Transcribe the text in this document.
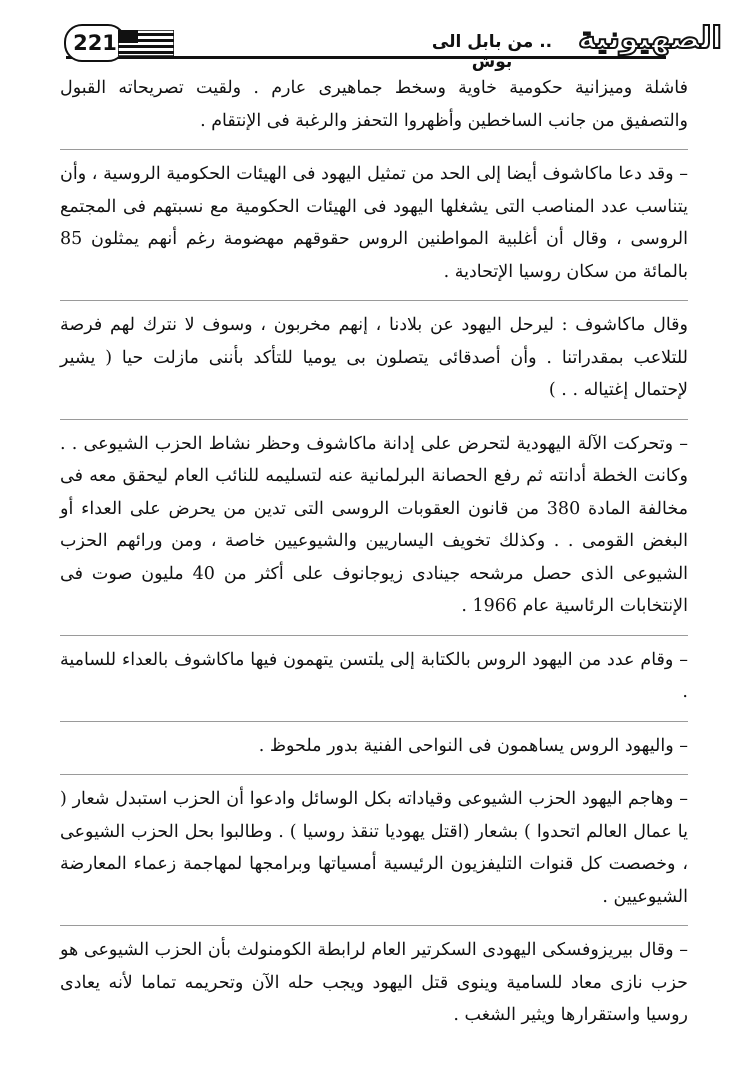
221	.. من بابل الى بوش
الصهيونية

فاشلة وميزانية حكومية خاوية وسخط جماهيرى عارم . ولقيت تصريحاته القبول والتصفيق من جانب الساخطين وأظهروا التحفز والرغبة فى الإنتقام .

– وقد دعا ماكاشوف أيضا إلى الحد من تمثيل اليهود فى الهيئات الحكومية الروسية ، وأن يتناسب عدد المناصب التى يشغلها اليهود فى الهيئات الحكومية مع نسبتهم فى المجتمع الروسى ، وقال أن أغلبية المواطنين الروس حقوقهم مهضومة رغم أنهم يمثلون 85 بالمائة من سكان روسيا الإتحادية .

وقال ماكاشوف : ليرحل اليهود عن بلادنا ، إنهم مخربون ، وسوف لا نترك لهم فرصة للتلاعب بمقدراتنا . وأن أصدقائى يتصلون بى يوميا للتأكد بأننى مازلت حيا ( يشير لإحتمال إغتياله . . )

– وتحركت الآلة اليهودية لتحرض على إدانة ماكاشوف وحظر نشاط الحزب الشيوعى . . وكانت الخطة أدانته ثم رفع الحصانة البرلمانية عنه لتسليمه للنائب العام ليحقق معه فى مخالفة المادة 380 من قانون العقوبات الروسى التى تدين من يحرض على العداء أو البغض القومى . . وكذلك تخويف اليساريين والشيوعيين خاصة ، ومن ورائهم الحزب الشيوعى الذى حصل مرشحه جينادى زيوجانوف على أكثر من 40 مليون صوت فى الإنتخابات الرئاسية عام 1966 .

– وقام عدد من اليهود الروس بالكتابة إلى يلتسن يتهمون فيها ماكاشوف بالعداء للسامية .

– واليهود الروس يساهمون فى النواحى الفنية بدور ملحوظ .

– وهاجم اليهود الحزب الشيوعى وقياداته بكل الوسائل وادعوا أن الحزب استبدل شعار ( يا عمال العالم اتحدوا ) بشعار (اقتل يهوديا تنقذ روسيا ) . وطالبوا بحل الحزب الشيوعى ، وخصصت كل قنوات التليفزيون الرئيسية أمسياتها وبرامجها لمهاجمة زعماء المعارضة الشيوعيين .

– وقال بيريزوفسكى اليهودى السكرتير العام لرابطة الكومنولث بأن الحزب الشيوعى هو حزب نازى معاد للسامية وينوى قتل اليهود ويجب حله الآن وتحريمه تماما لأنه يعادى روسيا واستقرارها ويثير الشغب .
